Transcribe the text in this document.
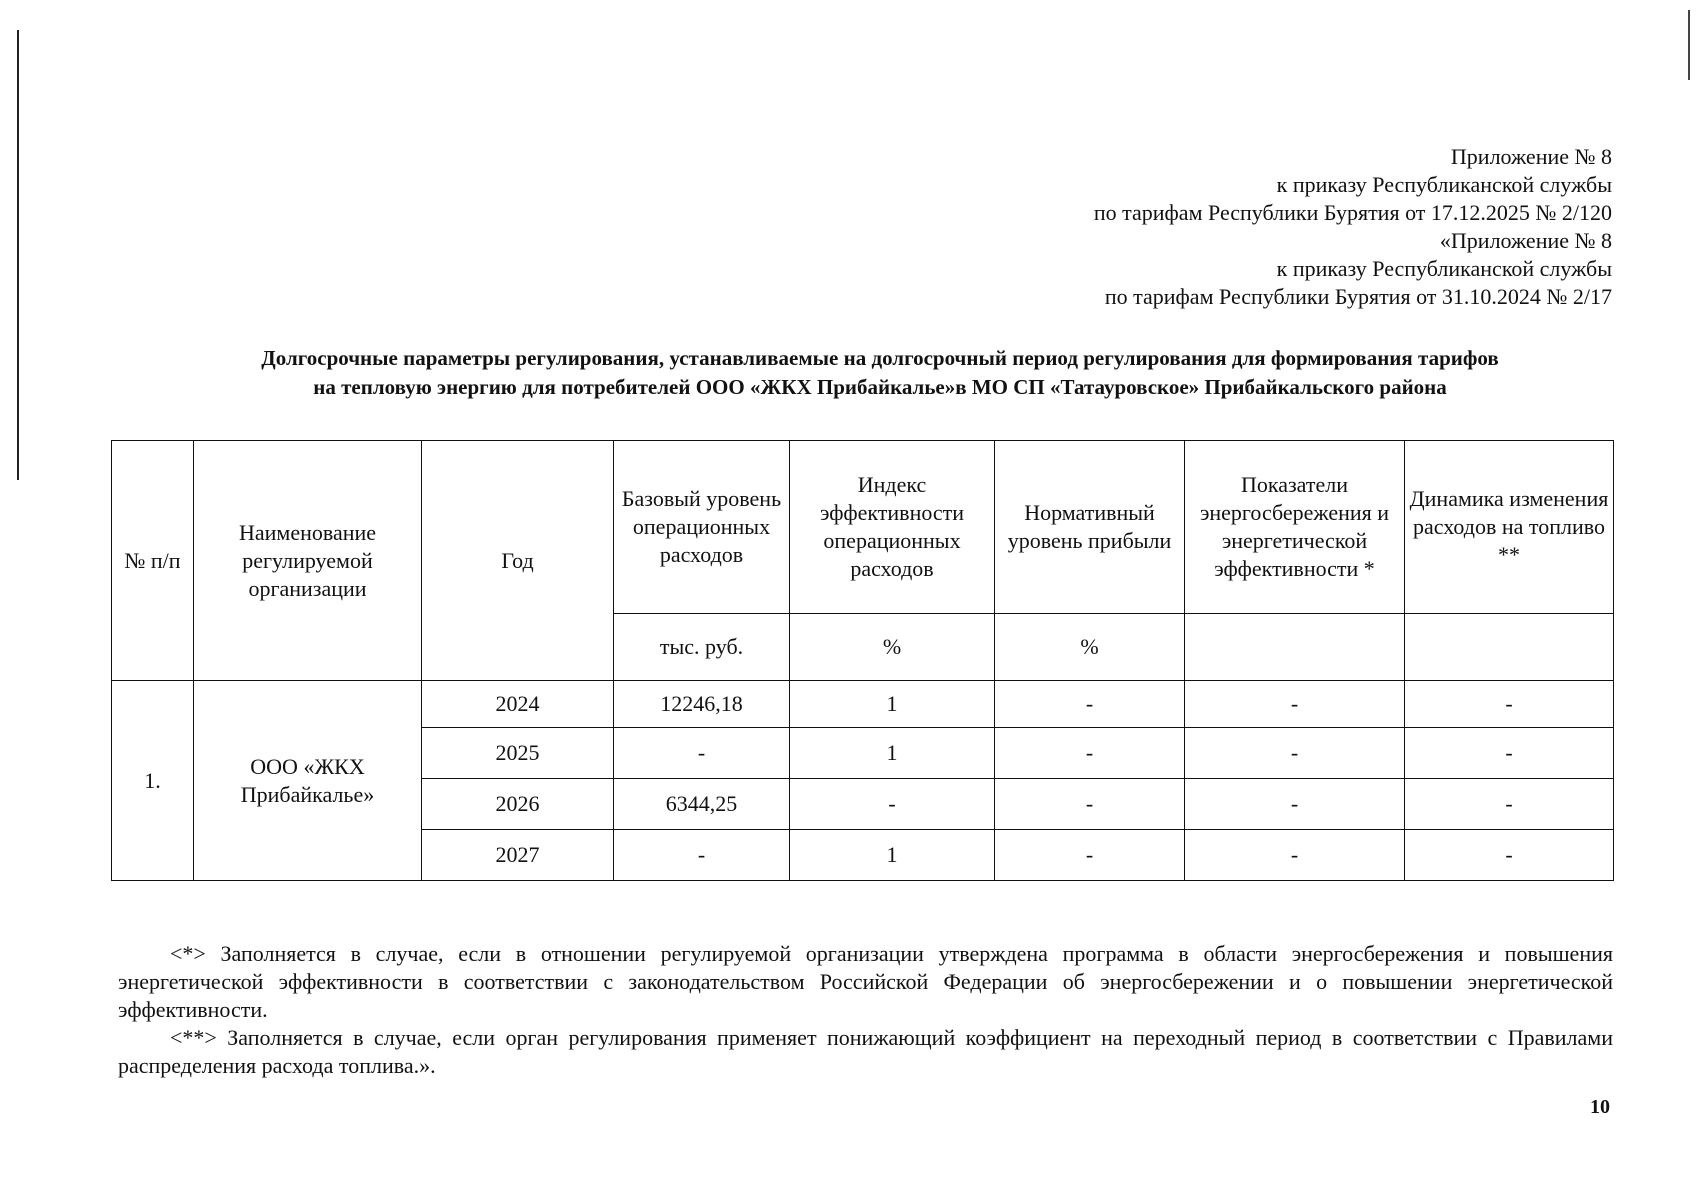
Приложение № 8
к приказу Республиканской службы
по тарифам Республики Бурятия от 17.12.2025 № 2/120
«Приложение № 8
к приказу Республиканской службы
по тарифам Республики Бурятия от 31.10.2024 № 2/17
Долгосрочные параметры регулирования, устанавливаемые на долгосрочный период регулирования для формирования тарифов
на тепловую энергию для потребителей ООО «ЖКХ Прибайкалье»в МО СП «Татауровское» Прибайкальского района
№ п/п	Наименование регулируемой организации	Год	Базовый уровень операционных расходов	Индекс эффективности операционных расходов	Нормативный уровень прибыли	Показатели энергосбережения и энергетической эффективности *	Динамика изменения расходов на топливо **
			тыс. руб.	%	%		
1.	ООО «ЖКХ Прибайкалье»	2024	12246,18	1	-	-	-
		2025	-	1	-	-	-
		2026	6344,25	-	-	-	-
		2027	-	1	-	-	-

<*> Заполняется в случае, если в отношении регулируемой организации утверждена программа в области энергосбережения и повышения энергетической эффективности в соответствии с законодательством Российской Федерации об энергосбережении и о повышении энергетической эффективности.

<**> Заполняется в случае, если орган регулирования применяет понижающий коэффициент на переходный период в соответствии с Правилами распределения расхода топлива.».

10
